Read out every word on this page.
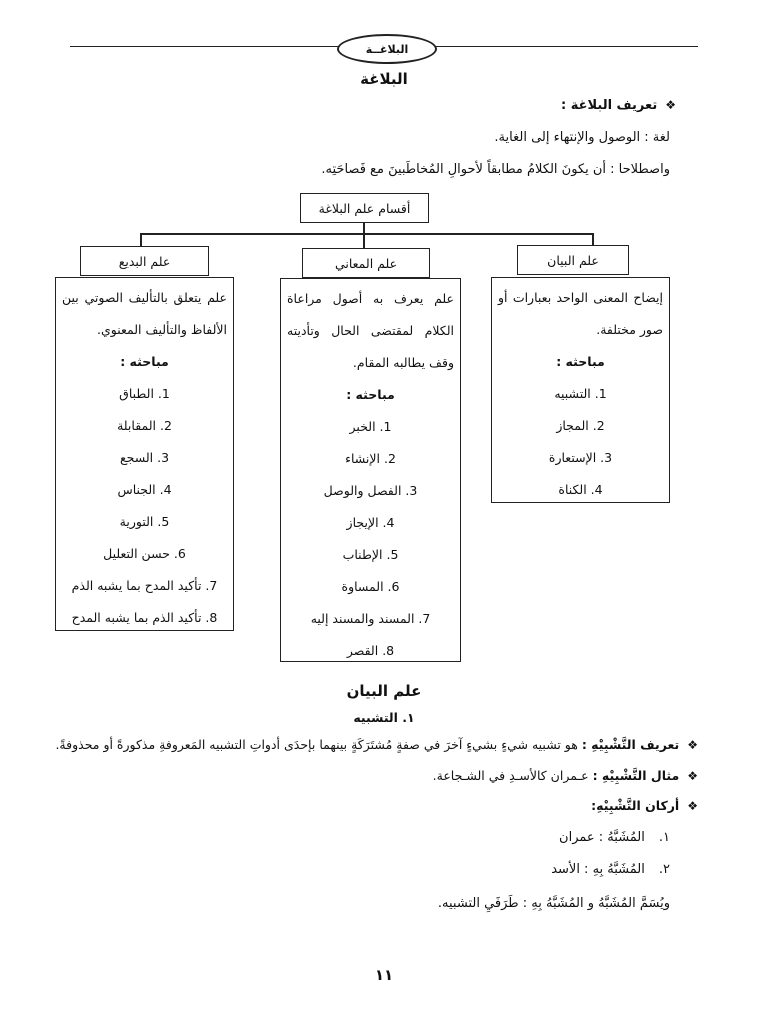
البلاغــة
البلاغة
❖
تعريف البلاغة :
لغة : الوصول والإنتهاء إلى الغاية.
واصطلاحا : أن يكونَ الكلامُ مطابقاً لأحوالِ المُخاطَبينَ مع فَصاحَتِه.
أقسام علم البلاغة
علم البيان
علم المعاني
علم البديع
إيضاح المعنى الواحد بعبارات أو صور مختلفة.
مباحثه :
1. التشبيه
2. المجاز
3. الإستعارة
4. الكناة
علم يعرف به أصول مراعاة الكلام لمقتضى الحال وتأديته وقف يطالبه المقام.
مباحثه :
1. الخبر
2. الإنشاء
3. الفصل والوصل
4. الإيجاز
5. الإطناب
6. المساوة
7. المسند والمسند إليه
8. القصر
علم يتعلق بالتأليف الصوتي بين الألفاظ والتأليف المعنوي.
مباحثه :
1. الطباق
2. المقابلة
3. السجع
4. الجناس
5. التورية
6. حسن التعليل
7. تأكيد المدح بما يشبه الذم
8. تأكيد الذم بما يشبه المدح
علم البيان
١. التشبيه
❖
تعريف التَّشْبِيْهِ : هو تشبيه شيءٍ بشيءٍ آخرَ في صفةٍ مُشتَرَكَةٍ بينهما بإحدَى أدواتِ التشبيه المَعروفةِ مذكورةً أو محذوفةً.
❖
مثال التَّشْبِيْهِ : عـمران كالأسـدِ في الشـجاعة.
❖
أركان التَّشْبِيْهِ:
١.
المُشَبَّهُ : عمران
٢.
المُشَبَّهُ بِهِ : الأسد
ويُسَمَّ المُشَبَّهُ و المُشَبَّهُ بِهِ : طَرَفَيِ التشبيه.
١١
